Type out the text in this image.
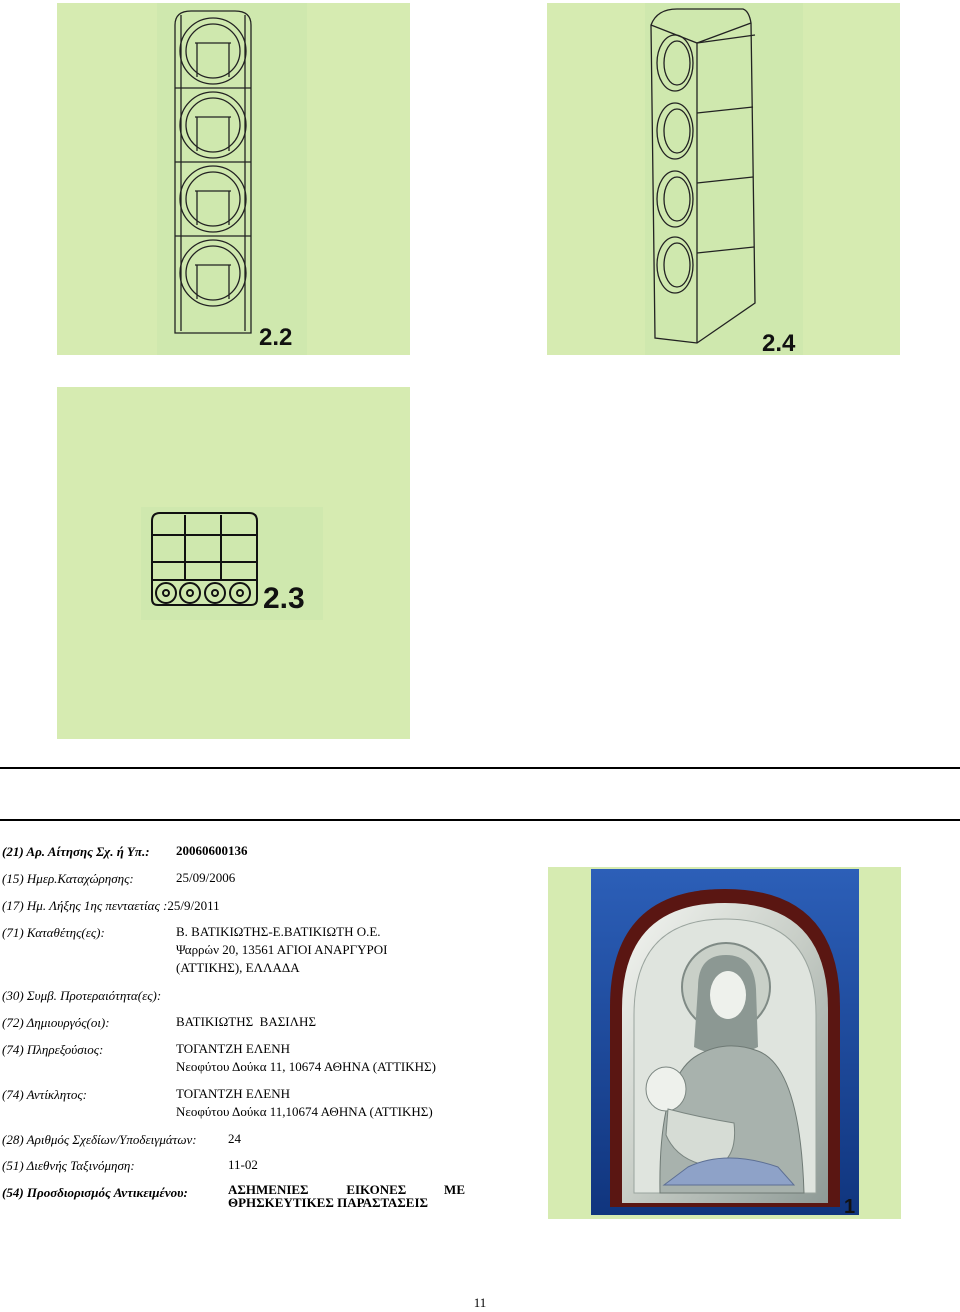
2.2	2.4
2.3
(21) Αρ. Αίτησης Σχ. ή Υπ.: 20060600136
(15) Ημερ.Καταχώρησης:	25/09/2006
(17) Ημ. Λήξης 1ης πενταετίας :25/9/2011
(71) Καταθέτης(ες):	Β. ΒΑΤΙΚΙΩΤΗΣ-Ε.ΒΑΤΙΚΙΩΤΗ Ο.Ε.
Ψαρρών 20, 13561 ΑΓΙΟΙ ΑΝΑΡΓΥΡΟΙ
(ΑΤΤΙΚΗΣ), ΕΛΛΑΔΑ
(30) Συμβ. Προτεραιότητα(ες):
(72) Δημιουργός(οι):	ΒΑΤΙΚΙΩΤΗΣ  ΒΑΣΙΛΗΣ
(74) Πληρεξούσιος:	ΤΟΓΑΝΤΖΗ ΕΛΕΝΗ
Νεοφύτου Δούκα 11, 10674 ΑΘΗΝΑ (ΑΤΤΙΚΗΣ)
(74) Αντίκλητος:	ΤΟΓΑΝΤΖΗ ΕΛΕΝΗ
Νεοφύτου Δούκα 11,10674 ΑΘΗΝΑ (ΑΤΤΙΚΗΣ)
(28) Αριθμός Σχεδίων/Υποδειγμάτων: 24
(51) Διεθνής Ταξινόμηση:	11-02
(54) Προσδιορισμός Αντικειμένου:	ΑΣΗΜΕΝΙΕΣ ΕΙΚΟΝΕΣ ΜΕ
ΘΡΗΣΚΕΥΤΙΚΕΣ ΠΑΡΑΣΤΑΣΕΙΣ	1
11
